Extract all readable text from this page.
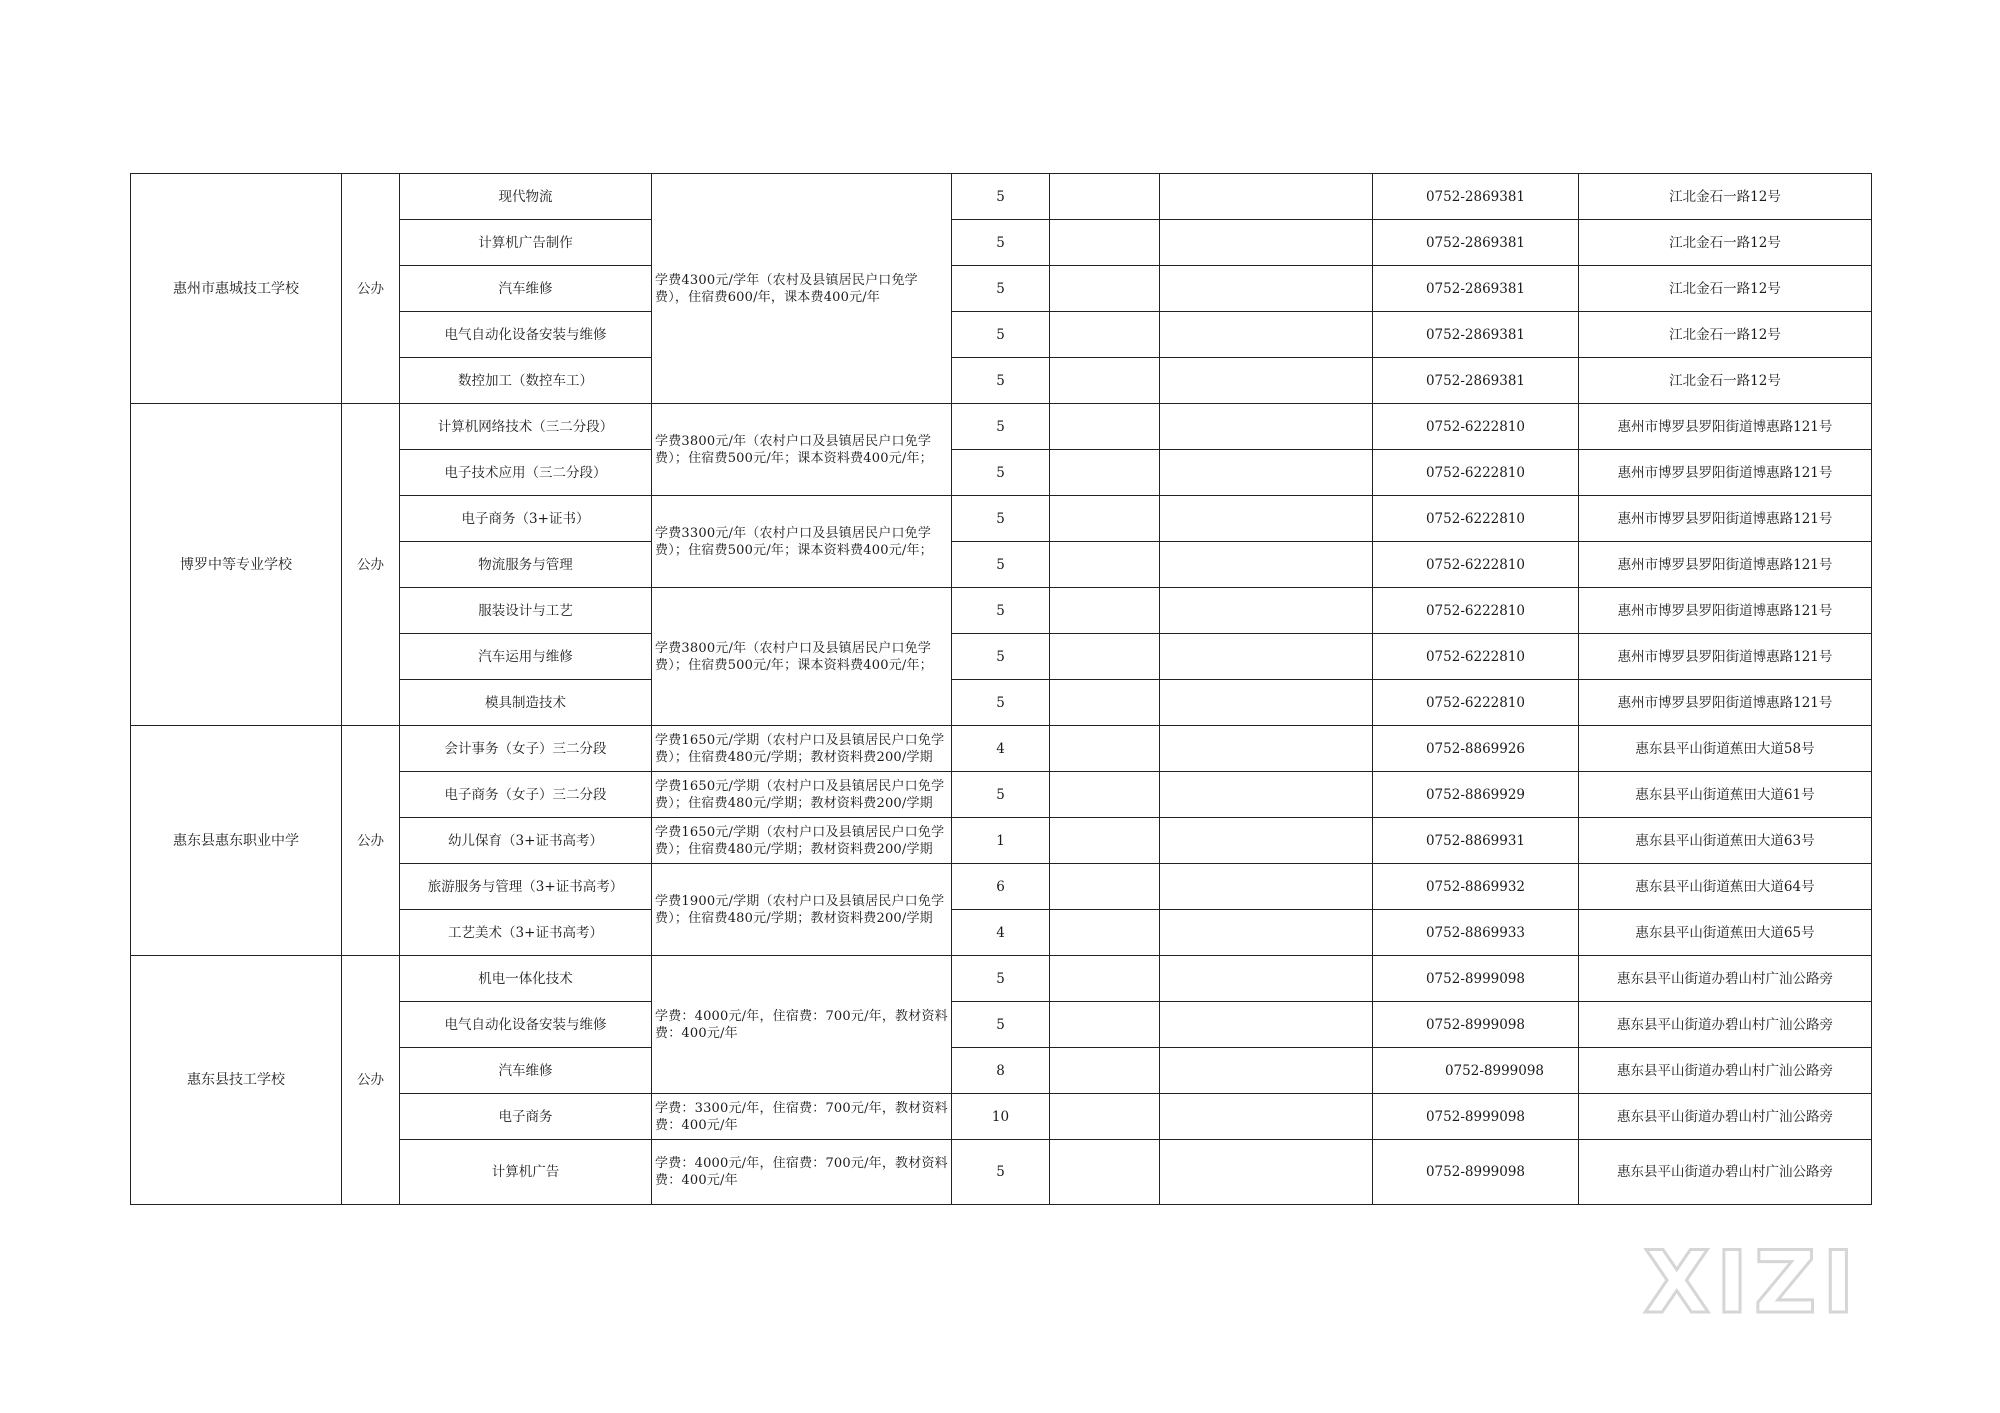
惠州市惠城技工学校	公办	现代物流	学费4300元/学年（农村及县镇居民户口免学费），住宿费600/年，课本费400元/年	5			0752-2869381	江北金石一路12号
		计算机广告制作		5			0752-2869381	江北金石一路12号
		汽车维修		5			0752-2869381	江北金石一路12号
		电气自动化设备安装与维修		5			0752-2869381	江北金石一路12号
		数控加工（数控车工）		5			0752-2869381	江北金石一路12号
博罗中等专业学校	公办	计算机网络技术（三二分段）	学费3800元/年（农村户口及县镇居民户口免学费）；住宿费500元/年；课本资料费400元/年；	5			0752-6222810	惠州市博罗县罗阳街道博惠路121号
		电子技术应用（三二分段）		5			0752-6222810	惠州市博罗县罗阳街道博惠路121号
		电子商务（3+证书）	学费3300元/年（农村户口及县镇居民户口免学费）；住宿费500元/年；课本资料费400元/年；	5			0752-6222810	惠州市博罗县罗阳街道博惠路121号
		物流服务与管理		5			0752-6222810	惠州市博罗县罗阳街道博惠路121号
		服装设计与工艺	学费3800元/年（农村户口及县镇居民户口免学费）；住宿费500元/年；课本资料费400元/年；	5			0752-6222810	惠州市博罗县罗阳街道博惠路121号
		汽车运用与维修		5			0752-6222810	惠州市博罗县罗阳街道博惠路121号
		模具制造技术		5			0752-6222810	惠州市博罗县罗阳街道博惠路121号
惠东县惠东职业中学	公办	会计事务（女子）三二分段	学费1650元/学期（农村户口及县镇居民户口免学费）；住宿费480元/学期；教材资料费200/学期	4			0752-8869926	惠东县平山街道蕉田大道58号
		电子商务（女子）三二分段	学费1650元/学期（农村户口及县镇居民户口免学费）；住宿费480元/学期；教材资料费200/学期	5			0752-8869929	惠东县平山街道蕉田大道61号
		幼儿保育（3+证书高考）	学费1650元/学期（农村户口及县镇居民户口免学费）；住宿费480元/学期；教材资料费200/学期	1			0752-8869931	惠东县平山街道蕉田大道63号
		旅游服务与管理（3+证书高考）	学费1900元/学期（农村户口及县镇居民户口免学费）；住宿费480元/学期；教材资料费200/学期	6			0752-8869932	惠东县平山街道蕉田大道64号
		工艺美术（3+证书高考）		4			0752-8869933	惠东县平山街道蕉田大道65号
惠东县技工学校	公办	机电一体化技术	学费：4000元/年，住宿费：700元/年，教材资料费：400元/年	5			0752-8999098	惠东县平山街道办碧山村广汕公路旁
		电气自动化设备安装与维修		5			0752-8999098	惠东县平山街道办碧山村广汕公路旁
		汽车维修		8			0752-8999098	惠东县平山街道办碧山村广汕公路旁
		电子商务	学费：3300元/年，住宿费：700元/年，教材资料费：400元/年	10			0752-8999098	惠东县平山街道办碧山村广汕公路旁
		计算机广告	学费：4000元/年，住宿费：700元/年，教材资料费：400元/年	5			0752-8999098	惠东县平山街道办碧山村广汕公路旁
XIZI
